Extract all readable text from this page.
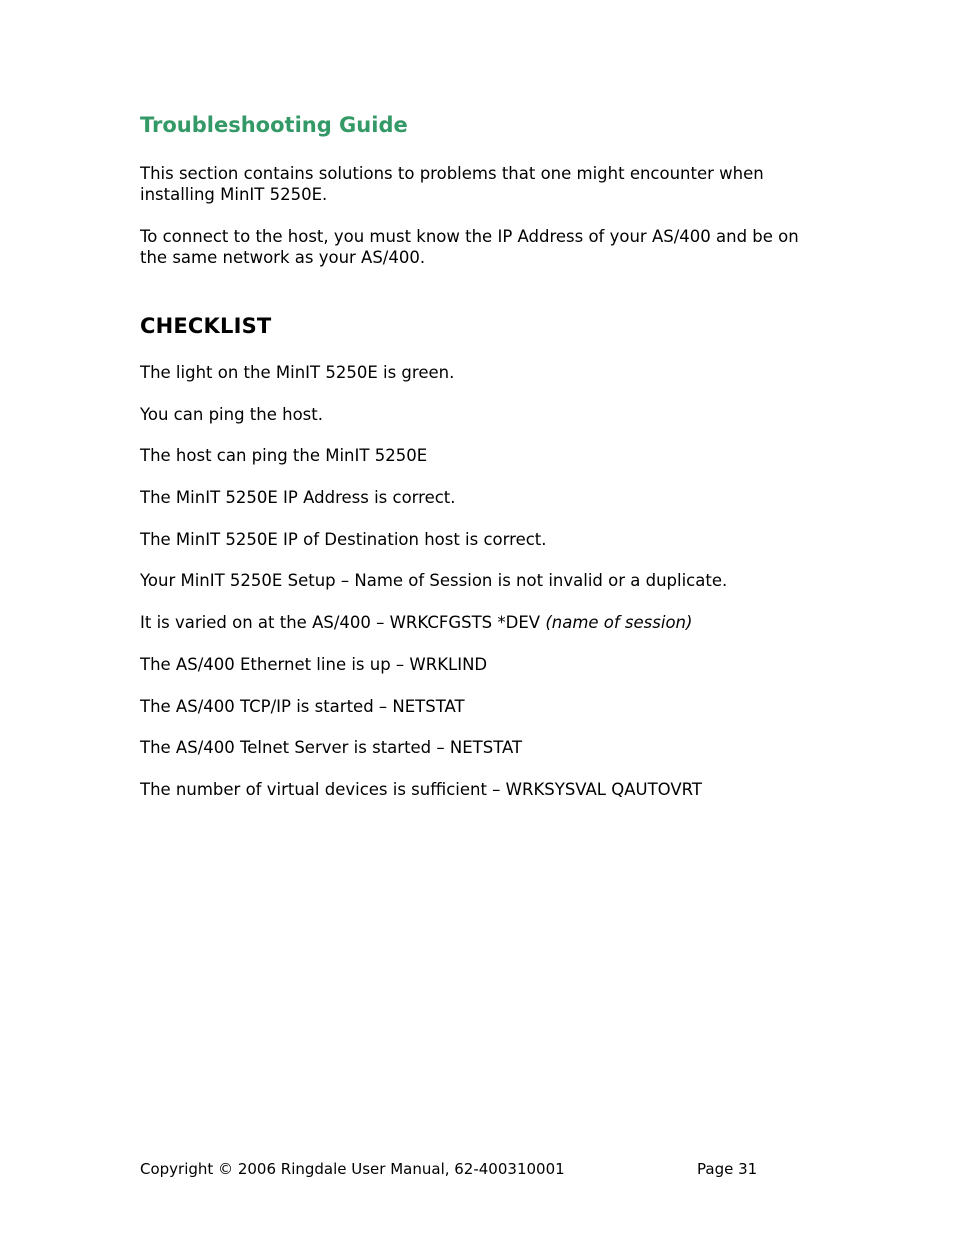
Troubleshooting Guide

This section contains solutions to problems that one might encounter when installing MinIT 5250E.

To connect to the host, you must know the IP Address of your AS/400 and be on the same network as your AS/400.

CHECKLIST
The light on the MinIT 5250E is green.
You can ping the host.
The host can ping the MinIT 5250E
The MinIT 5250E IP Address is correct.
The MinIT 5250E IP of Destination host is correct.
Your MinIT 5250E Setup – Name of Session is not invalid or a duplicate.
It is varied on at the AS/400 – WRKCFGSTS *DEV (name of session)
The AS/400 Ethernet line is up – WRKLIND
The AS/400 TCP/IP is started – NETSTAT
The AS/400 Telnet Server is started – NETSTAT
The number of virtual devices is sufficient – WRKSYSVAL QAUTOVRT
Copyright © 2006 Ringdale User Manual, 62-400310001	Page 31
